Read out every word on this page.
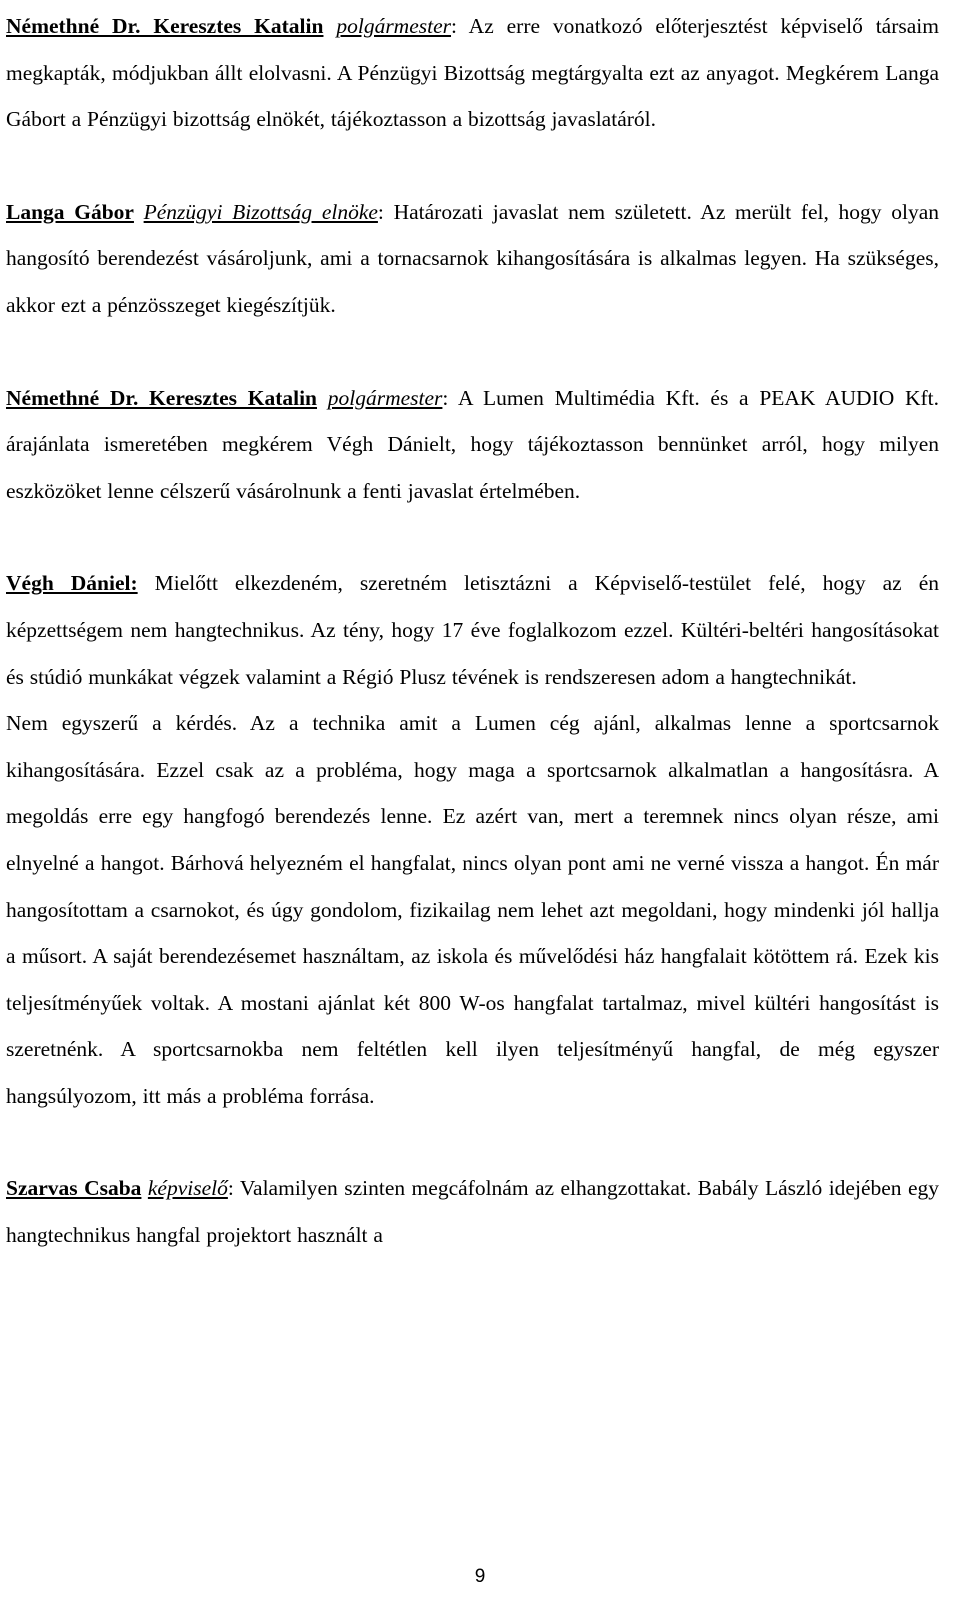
Némethné Dr. Keresztes Katalin polgármester: Az erre vonatkozó előterjesztést képviselő társaim megkapták, módjukban állt elolvasni. A Pénzügyi Bizottság megtárgyalta ezt az anyagot. Megkérem Langa Gábort a Pénzügyi bizottság elnökét, tájékoztasson a bizottság javaslatáról.

Langa Gábor Pénzügyi Bizottság elnöke: Határozati javaslat nem született. Az merült fel, hogy olyan hangosító berendezést vásároljunk, ami a tornacsarnok kihangosítására is alkalmas legyen. Ha szükséges, akkor ezt a pénzösszeget kiegészítjük.

Némethné Dr. Keresztes Katalin polgármester: A Lumen Multimédia Kft. és a PEAK AUDIO Kft. árajánlata ismeretében megkérem Végh Dánielt, hogy tájékoztasson bennünket arról, hogy milyen eszközöket lenne célszerű vásárolnunk a fenti javaslat értelmében.

Végh Dániel: Mielőtt elkezdeném, szeretném letisztázni a Képviselő-testület felé, hogy az én képzettségem nem hangtechnikus. Az tény, hogy 17 éve foglalkozom ezzel. Kültéri-beltéri hangosításokat és stúdió munkákat végzek valamint a Régió Plusz tévének is rendszeresen adom a hangtechnikát.

Nem egyszerű a kérdés. Az a technika amit a Lumen cég ajánl, alkalmas lenne a sportcsarnok kihangosítására. Ezzel csak az a probléma, hogy maga a sportcsarnok alkalmatlan a hangosításra. A megoldás erre egy hangfogó berendezés lenne. Ez azért van, mert a teremnek nincs olyan része, ami elnyelné a hangot. Bárhová helyezném el hangfalat, nincs olyan pont ami ne verné vissza a hangot. Én már hangosítottam a csarnokot, és úgy gondolom, fizikailag nem lehet azt megoldani, hogy mindenki jól hallja a műsort. A saját berendezésemet használtam, az iskola és művelődési ház hangfalait kötöttem rá. Ezek kis teljesítményűek voltak. A mostani ajánlat két 800 W-os hangfalat tartalmaz, mivel kültéri hangosítást is szeretnénk. A sportcsarnokba nem feltétlen kell ilyen teljesítményű hangfal, de még egyszer hangsúlyozom, itt más a probléma forrása.

Szarvas Csaba képviselő: Valamilyen szinten megcáfolnám az elhangzottakat. Babály László idejében egy hangtechnikus hangfal projektort használt a

9
